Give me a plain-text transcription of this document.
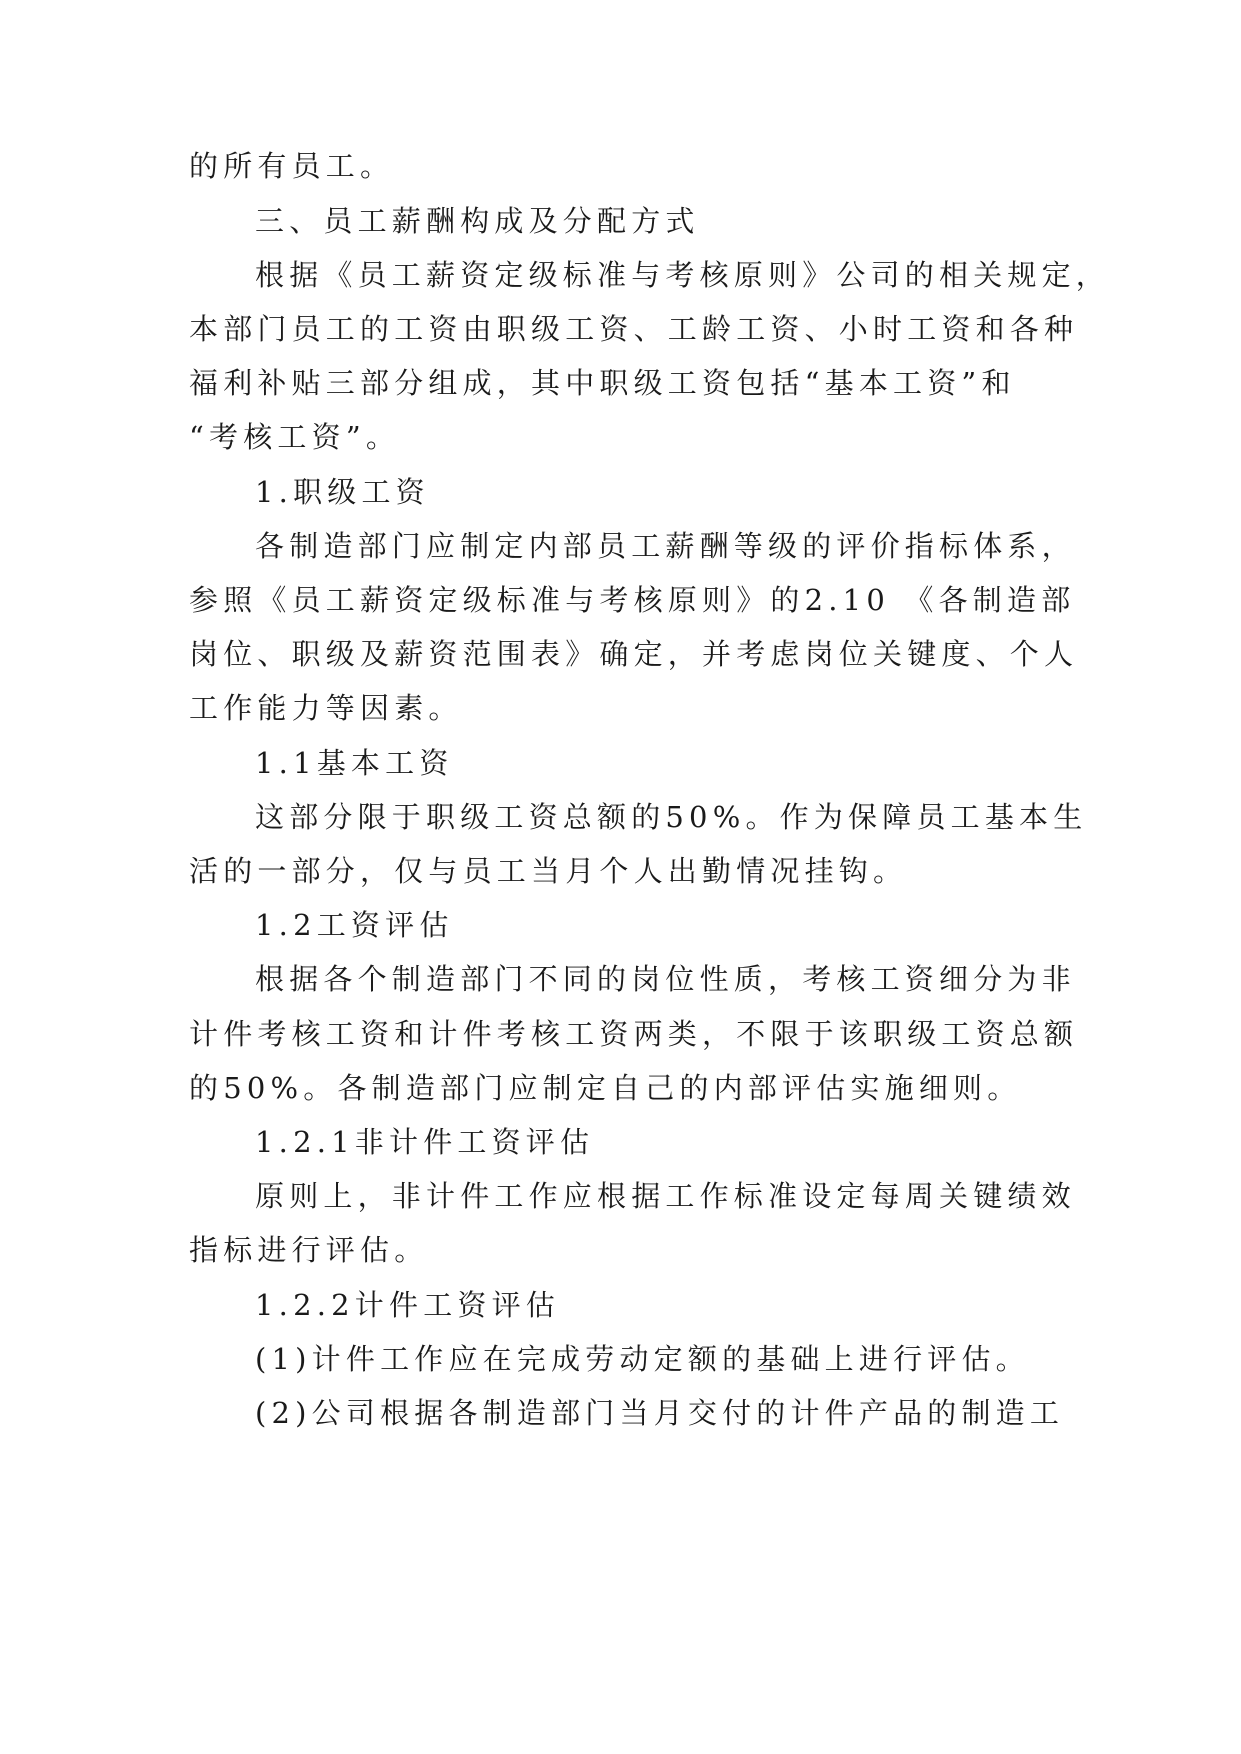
的所有员工。
三、员工薪酬构成及分配方式
根据《员工薪资定级标准与考核原则》公司的相关规定，
本部门员工的工资由职级工资、工龄工资、小时工资和各种
福利补贴三部分组成，其中职级工资包括“基本工资”和
“考核工资”。
1.职级工资
各制造部门应制定内部员工薪酬等级的评价指标体系，
参照《员工薪资定级标准与考核原则》的2.10 《各制造部
岗位、职级及薪资范围表》确定，并考虑岗位关键度、个人
工作能力等因素。
1.1基本工资
这部分限于职级工资总额的50%。作为保障员工基本生
活的一部分，仅与员工当月个人出勤情况挂钩。
1.2工资评估
根据各个制造部门不同的岗位性质，考核工资细分为非
计件考核工资和计件考核工资两类，不限于该职级工资总额
的50%。各制造部门应制定自己的内部评估实施细则。
1.2.1非计件工资评估
原则上，非计件工作应根据工作标准设定每周关键绩效
指标进行评估。
1.2.2计件工资评估
(1)计件工作应在完成劳动定额的基础上进行评估。
(2)公司根据各制造部门当月交付的计件产品的制造工
